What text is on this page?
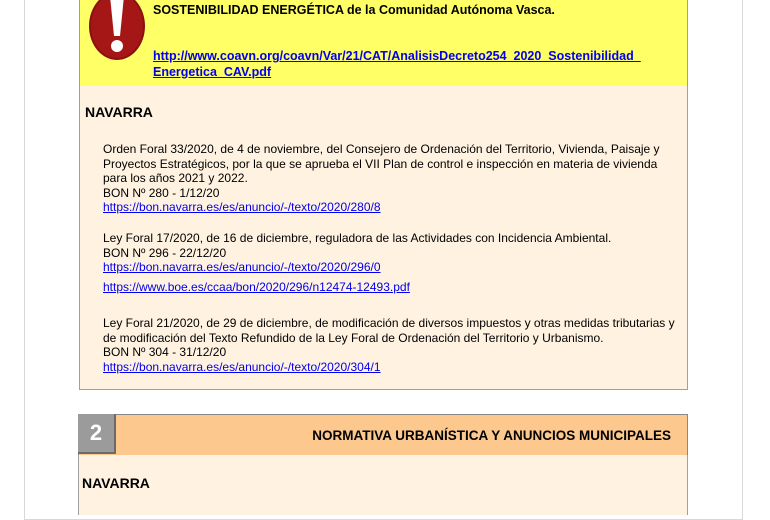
SOSTENIBILIDAD ENERGÉTICA de la Comunidad Autónoma Vasca.
http://www.coavn.org/coavn/Var/21/CAT/AnalisisDecreto254_2020_Sostenibilidad_
Energetica_CAV.pdf
NAVARRA
Orden Foral 33/2020, de 4 de noviembre, del Consejero de Ordenación del Territorio, Vivienda, Paisaje y Proyectos Estratégicos, por la que se aprueba el VII Plan de control e inspección en materia de vivienda para los años 2021 y 2022.
BON Nº 280 - 1/12/20
https://bon.navarra.es/es/anuncio/-/texto/2020/280/8
Ley Foral 17/2020, de 16 de diciembre, reguladora de las Actividades con Incidencia Ambiental.
BON Nº 296 - 22/12/20
https://bon.navarra.es/es/anuncio/-/texto/2020/296/0
https://www.boe.es/ccaa/bon/2020/296/n12474-12493.pdf
Ley Foral 21/2020, de 29 de diciembre, de modificación de diversos impuestos y otras medidas tributarias y de modificación del Texto Refundido de la Ley Foral de Ordenación del Territorio y Urbanismo.
BON Nº 304 - 31/12/20
https://bon.navarra.es/es/anuncio/-/texto/2020/304/1
NORMATIVA URBANÍSTICA Y ANUNCIOS MUNICIPALES
2
NAVARRA
